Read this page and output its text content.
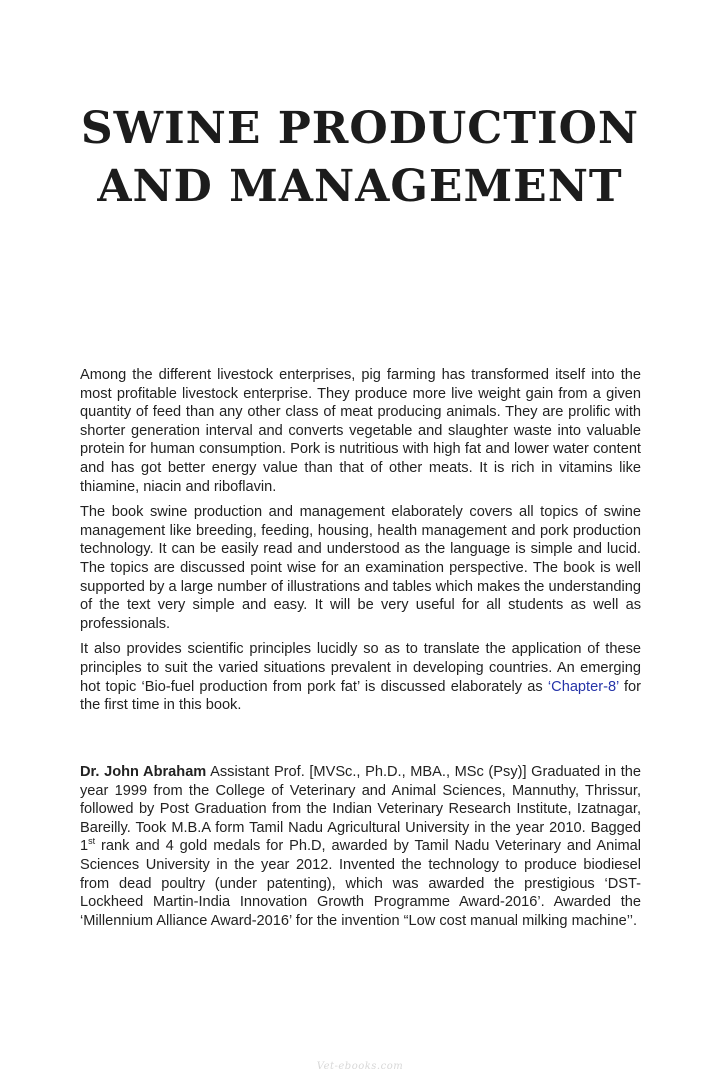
SWINE PRODUCTION
AND MANAGEMENT

Among the different livestock enterprises, pig farming has transformed itself into the most profitable livestock enterprise. They produce more live weight gain from a given quantity of feed than any other class of meat producing animals. They are prolific with shorter generation interval and converts vegetable and slaughter waste into valuable protein for human consumption. Pork is nutritious with high fat and lower water content and has got better energy value than that of other meats. It is rich in vitamins like thiamine, niacin and riboflavin.

The book swine production and management elaborately covers all topics of swine management like breeding, feeding, housing, health management and pork production technology. It can be easily read and understood as the language is simple and lucid. The topics are discussed point wise for an examination perspective. The book is well supported by a large number of illustrations and tables which makes the understanding of the text very simple and easy. It will be very useful for all students as well as professionals.

It also provides scientific principles lucidly so as to translate the application of these principles to suit the varied situations prevalent in developing countries. An emerging hot topic ‘Bio-fuel production from pork fat’ is discussed elaborately as ‘Chapter-8’ for the first time in this book.

Dr. John Abraham Assistant Prof. [MVSc., Ph.D., MBA., MSc (Psy)] Graduated in the year 1999 from the College of Veterinary and Animal Sciences, Mannuthy, Thrissur, followed by Post Graduation from the Indian Veterinary Research Institute, Izatnagar, Bareilly. Took M.B.A form Tamil Nadu Agricultural University in the year 2010. Bagged 1st rank and 4 gold medals for Ph.D, awarded by Tamil Nadu Veterinary and Animal Sciences University in the year 2012. Invented the technology to produce biodiesel from dead poultry (under patenting), which was awarded the prestigious ‘DST-Lockheed Martin-India Innovation Growth Programme Award-2016’. Awarded the ‘Millennium Alliance Award-2016’ for the invention “Low cost manual milking machine’’.

Vet-ebooks.com
